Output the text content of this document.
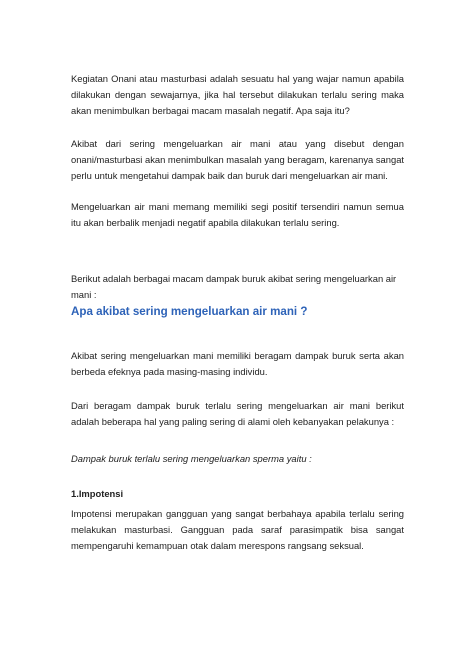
Kegiatan Onani atau masturbasi adalah sesuatu hal yang wajar namun apabila dilakukan dengan sewajarnya, jika hal tersebut dilakukan terlalu sering maka akan menimbulkan berbagai macam masalah negatif. Apa saja itu?

Akibat dari sering mengeluarkan air mani atau yang disebut dengan onani/masturbasi akan menimbulkan masalah yang beragam, karenanya sangat perlu untuk mengetahui dampak baik dan buruk dari mengeluarkan air mani.

Mengeluarkan air mani memang memiliki segi positif tersendiri namun semua itu akan berbalik menjadi negatif apabila dilakukan terlalu sering.

Berikut adalah berbagai macam dampak buruk akibat sering mengeluarkan air mani :

Apa akibat sering mengeluarkan air mani ?

Akibat sering mengeluarkan mani memiliki beragam dampak buruk serta akan berbeda efeknya pada masing-masing individu.

Dari beragam dampak buruk terlalu sering mengeluarkan air mani berikut adalah beberapa hal yang paling sering di alami oleh kebanyakan pelakunya :

Dampak buruk terlalu sering mengeluarkan sperma yaitu :

1.Impotensi

Impotensi merupakan gangguan yang sangat berbahaya apabila terlalu sering melakukan masturbasi. Gangguan pada saraf parasimpatik bisa sangat mempengaruhi kemampuan otak dalam merespons rangsang seksual.
